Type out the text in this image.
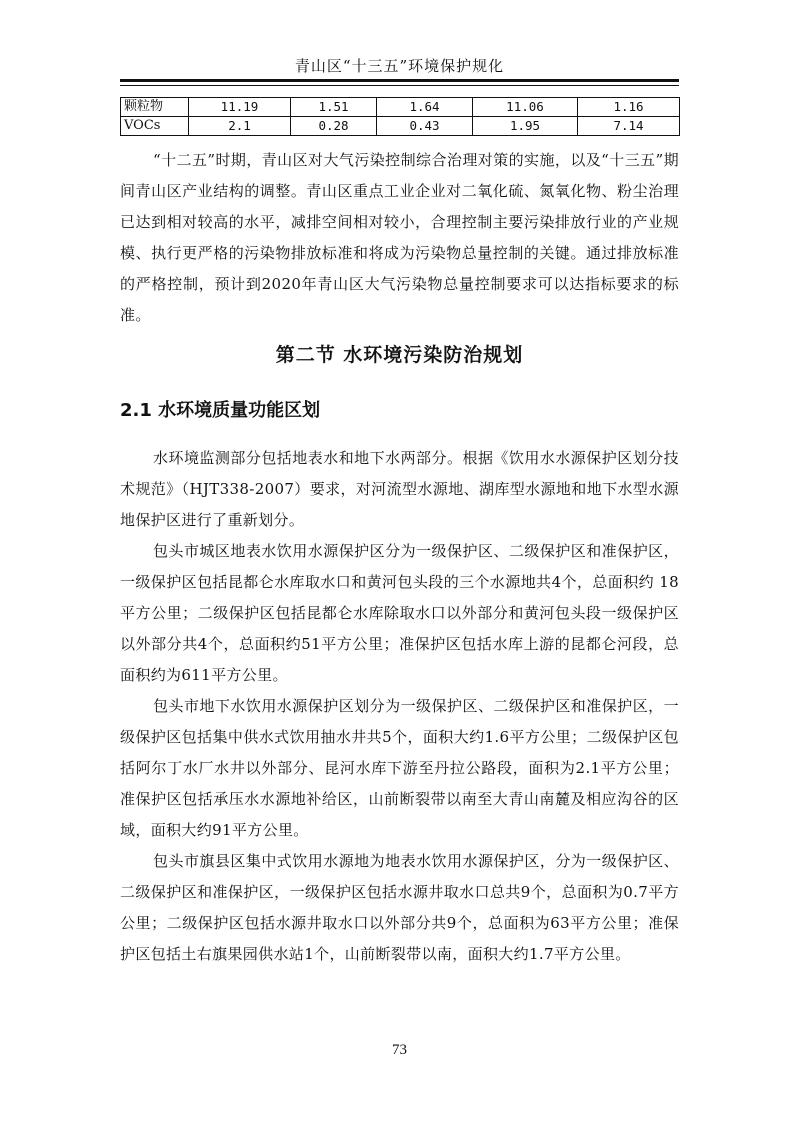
青山区“十三五”环境保护规化
颗粒物	11.19	1.51	1.64	11.06	1.16
VOCs	2.1	0.28	0.43	1.95	7.14

“十二五”时期，青山区对大气污染控制综合治理对策的实施，以及“十三五”期间青山区产业结构的调整。青山区重点工业企业对二氧化硫、氮氧化物、粉尘治理已达到相对较高的水平，减排空间相对较小，合理控制主要污染排放行业的产业规模、执行更严格的污染物排放标准和将成为污染物总量控制的关键。通过排放标准的严格控制，预计到2020年青山区大气污染物总量控制要求可以达指标要求的标准。

第二节 水环境污染防治规划
2.1 水环境质量功能区划

水环境监测部分包括地表水和地下水两部分。根据《饮用水水源保护区划分技术规范》（HJT338-2007）要求，对河流型水源地、湖库型水源地和地下水型水源地保护区进行了重新划分。

包头市城区地表水饮用水源保护区分为一级保护区、二级保护区和准保护区，一级保护区包括昆都仑水库取水口和黄河包头段的三个水源地共4个，总面积约 18平方公里；二级保护区包括昆都仑水库除取水口以外部分和黄河包头段一级保护区以外部分共4个，总面积约51平方公里；准保护区包括水库上游的昆都仑河段，总面积约为611平方公里。

包头市地下水饮用水源保护区划分为一级保护区、二级保护区和准保护区，一级保护区包括集中供水式饮用抽水井共5个，面积大约1.6平方公里；二级保护区包括阿尔丁水厂水井以外部分、昆河水库下游至丹拉公路段，面积为2.1平方公里；准保护区包括承压水水源地补给区，山前断裂带以南至大青山南麓及相应沟谷的区域，面积大约91平方公里。

包头市旗县区集中式饮用水源地为地表水饮用水源保护区，分为一级保护区、二级保护区和准保护区，一级保护区包括水源井取水口总共9个，总面积为0.7平方公里；二级保护区包括水源井取水口以外部分共9个，总面积为63平方公里；准保护区包括土右旗果园供水站1个，山前断裂带以南，面积大约1.7平方公里。

73
